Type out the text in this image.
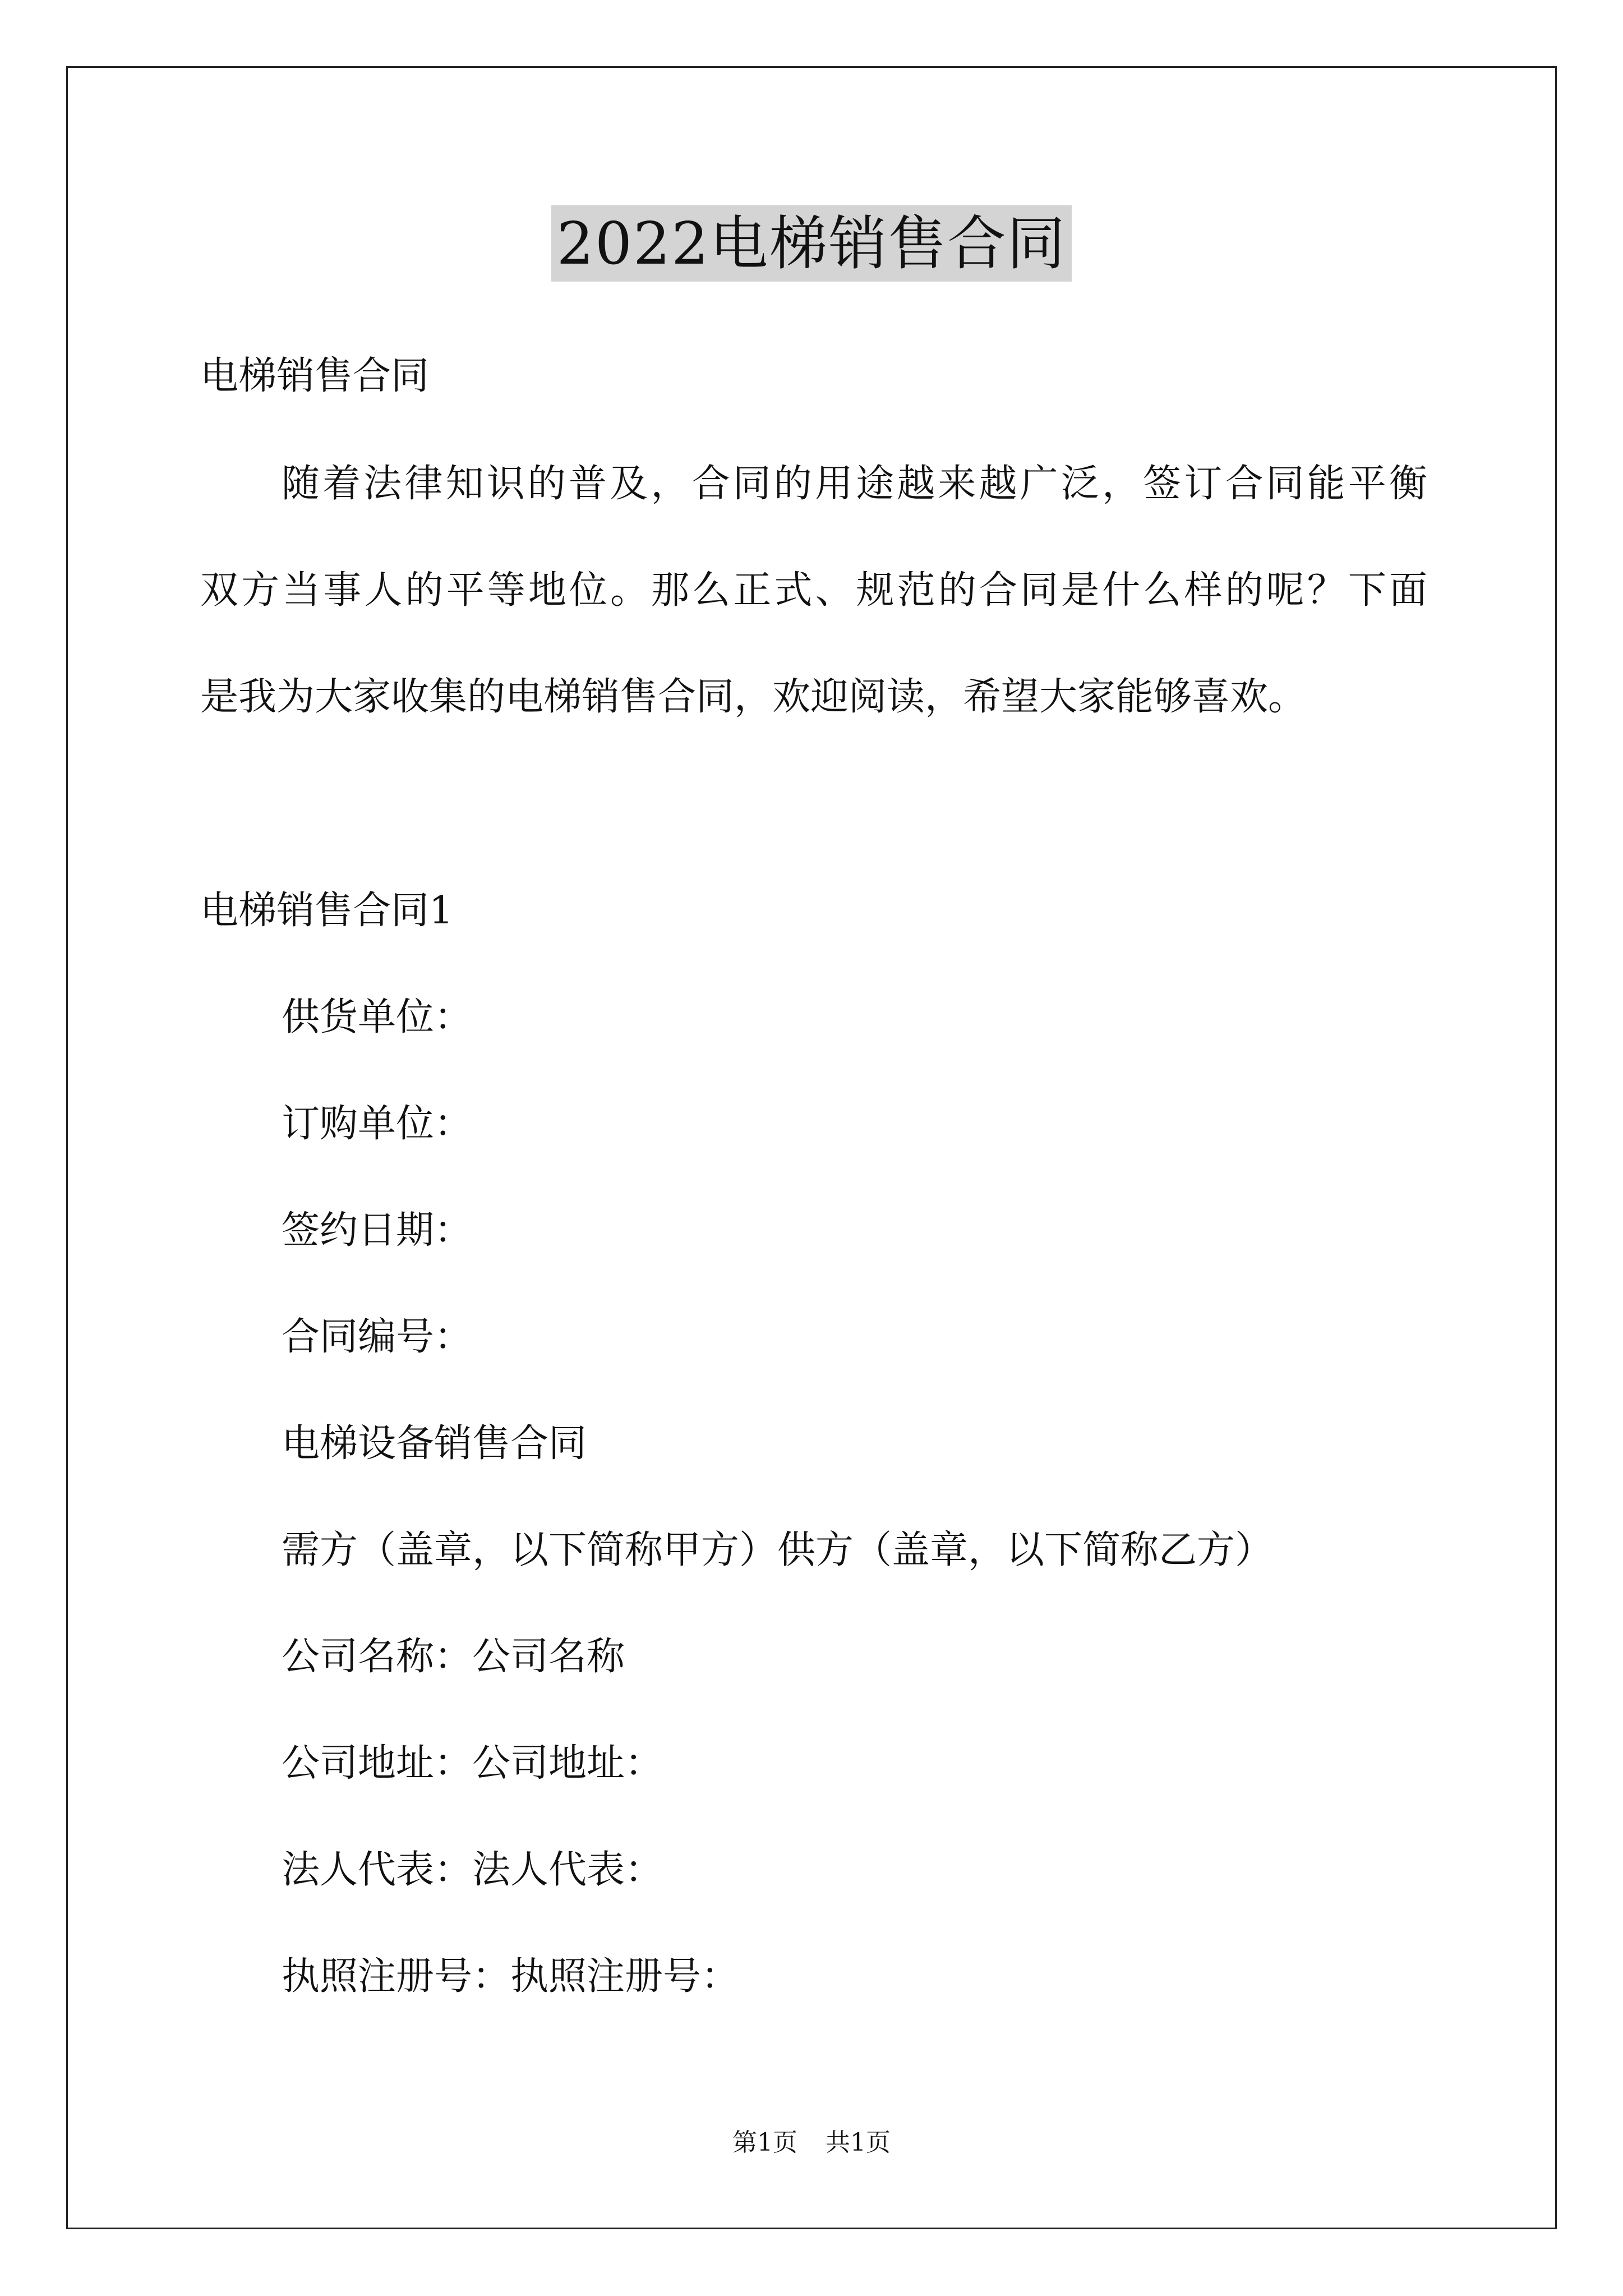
2022电梯销售合同
电梯销售合同
随着法律知识的普及，合同的用途越来越广泛，签订合同能平衡
双方当事人的平等地位。那么正式、规范的合同是什么样的呢？下面
是我为大家收集的电梯销售合同，欢迎阅读，希望大家能够喜欢。
电梯销售合同1
供货单位：
订购单位：
签约日期：
合同编号：
电梯设备销售合同
需方（盖章，以下简称甲方）供方（盖章，以下简称乙方）
公司名称：公司名称
公司地址：公司地址：
法人代表：法人代表：
执照注册号：执照注册号：
第1页 共1页
